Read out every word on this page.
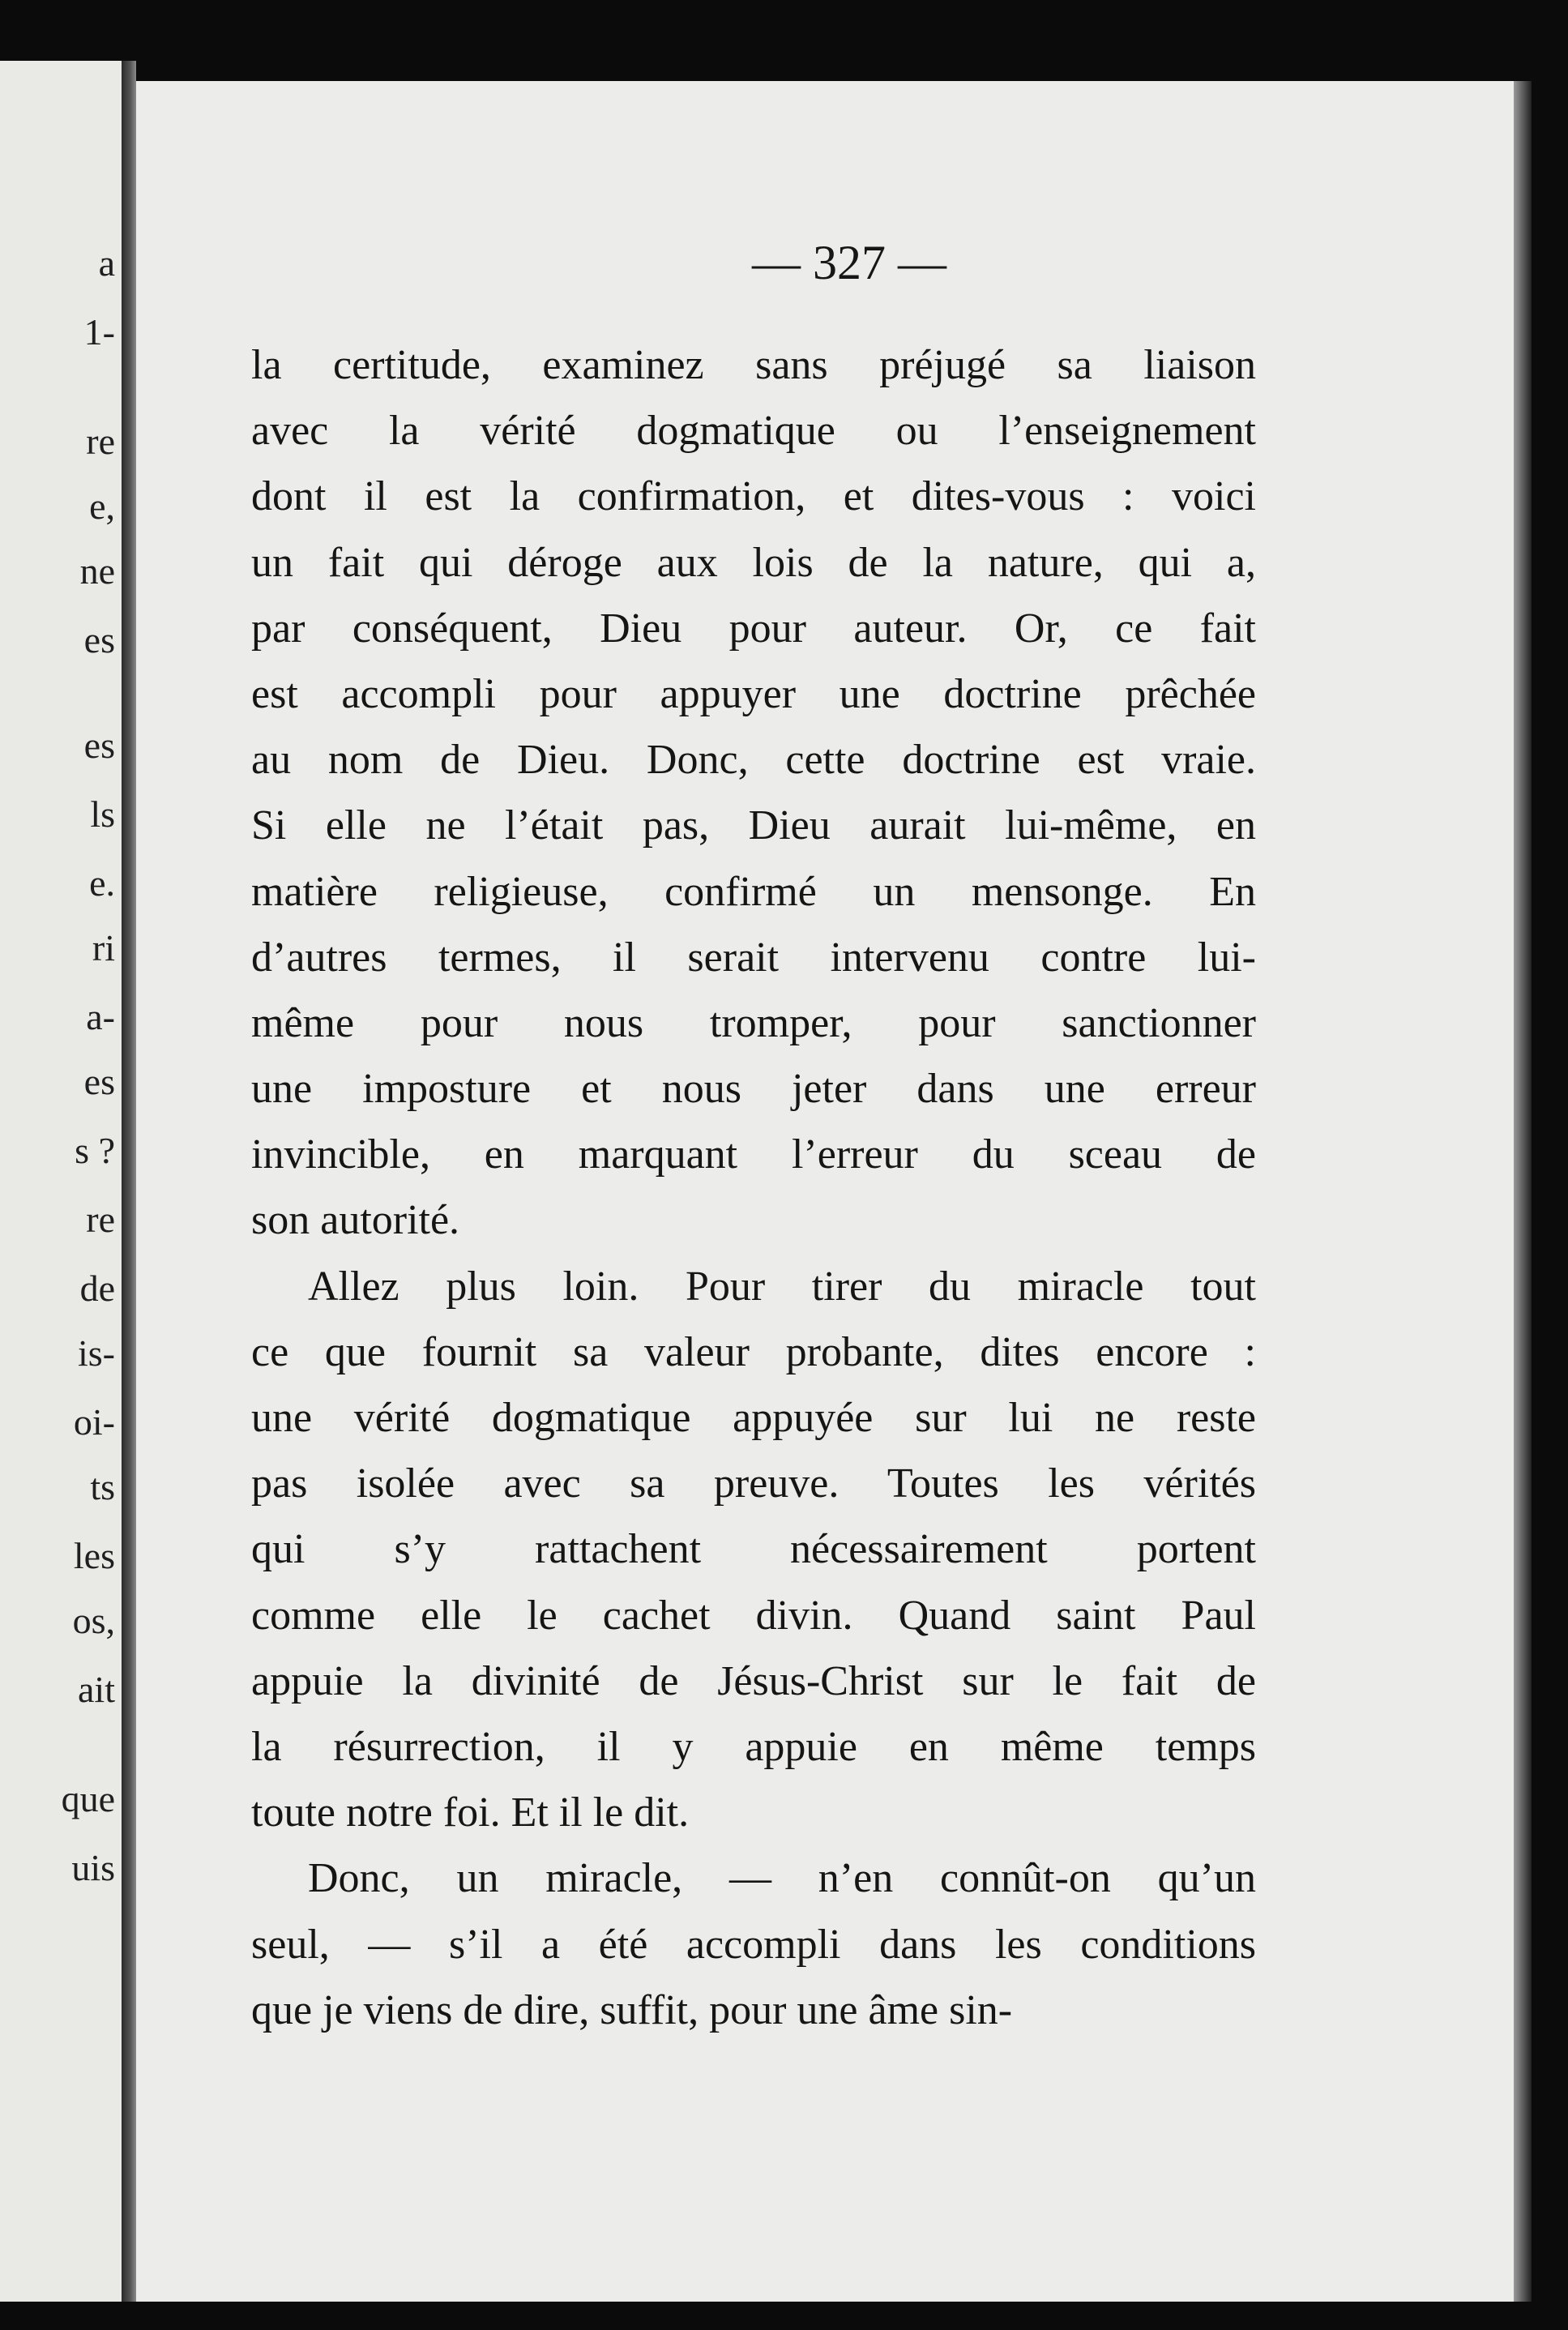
a
1-
re
e,
ne
es
es
ls
e.
ri
a-
es
s ?
re
de
is-
oi-
ts
les
os,
ait
que
uis
— 327 —
la certitude, examinez sans préjugé sa liaison
avec la vérité dogmatique ou l’enseignement
dont il est la confirmation, et dites-vous : voici
un fait qui déroge aux lois de la nature, qui a,
par conséquent, Dieu pour auteur. Or, ce fait
est accompli pour appuyer une doctrine prêchée
au nom de Dieu. Donc, cette doctrine est vraie.
Si elle ne l’était pas, Dieu aurait lui-même, en
matière religieuse, confirmé un mensonge. En
d’autres termes, il serait intervenu contre lui-
même pour nous tromper, pour sanctionner
une imposture et nous jeter dans une erreur
invincible, en marquant l’erreur du sceau de
son autorité.
Allez plus loin. Pour tirer du miracle tout
ce que fournit sa valeur probante, dites encore :
une vérité dogmatique appuyée sur lui ne reste
pas isolée avec sa preuve. Toutes les vérités
qui s’y rattachent nécessairement portent
comme elle le cachet divin. Quand saint Paul
appuie la divinité de Jésus-Christ sur le fait de
la résurrection, il y appuie en même temps
toute notre foi. Et il le dit.
Donc, un miracle, — n’en connût-on qu’un
seul, — s’il a été accompli dans les conditions
que je viens de dire, suffit, pour une âme sin-
